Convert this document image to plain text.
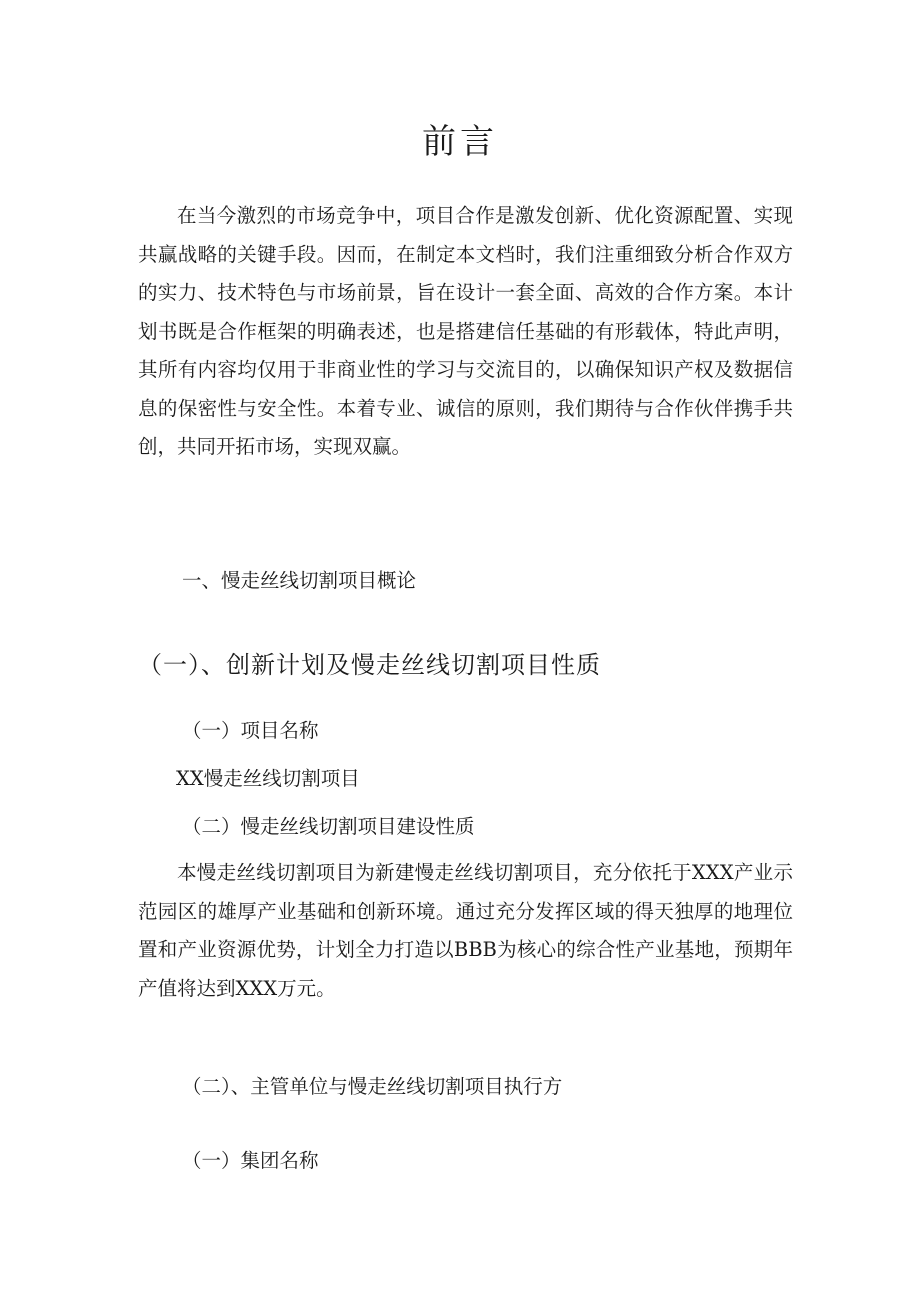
前言

在当今激烈的市场竞争中，项目合作是激发创新、优化资源配置、实现共赢战略的关键手段。因而，在制定本文档时，我们注重细致分析合作双方的实力、技术特色与市场前景，旨在设计一套全面、高效的合作方案。本计划书既是合作框架的明确表述，也是搭建信任基础的有形载体，特此声明，其所有内容均仅用于非商业性的学习与交流目的，以确保知识产权及数据信息的保密性与安全性。本着专业、诚信的原则，我们期待与合作伙伴携手共创，共同开拓市场，实现双赢。

一、慢走丝线切割项目概论
（一）、创新计划及慢走丝线切割项目性质
（一）项目名称
XX慢走丝线切割项目
（二）慢走丝线切割项目建设性质

本慢走丝线切割项目为新建慢走丝线切割项目，充分依托于XXX产业示范园区的雄厚产业基础和创新环境。通过充分发挥区域的得天独厚的地理位置和产业资源优势，计划全力打造以BBB为核心的综合性产业基地，预期年产值将达到XXX万元。

（二）、主管单位与慢走丝线切割项目执行方
（一）集团名称
